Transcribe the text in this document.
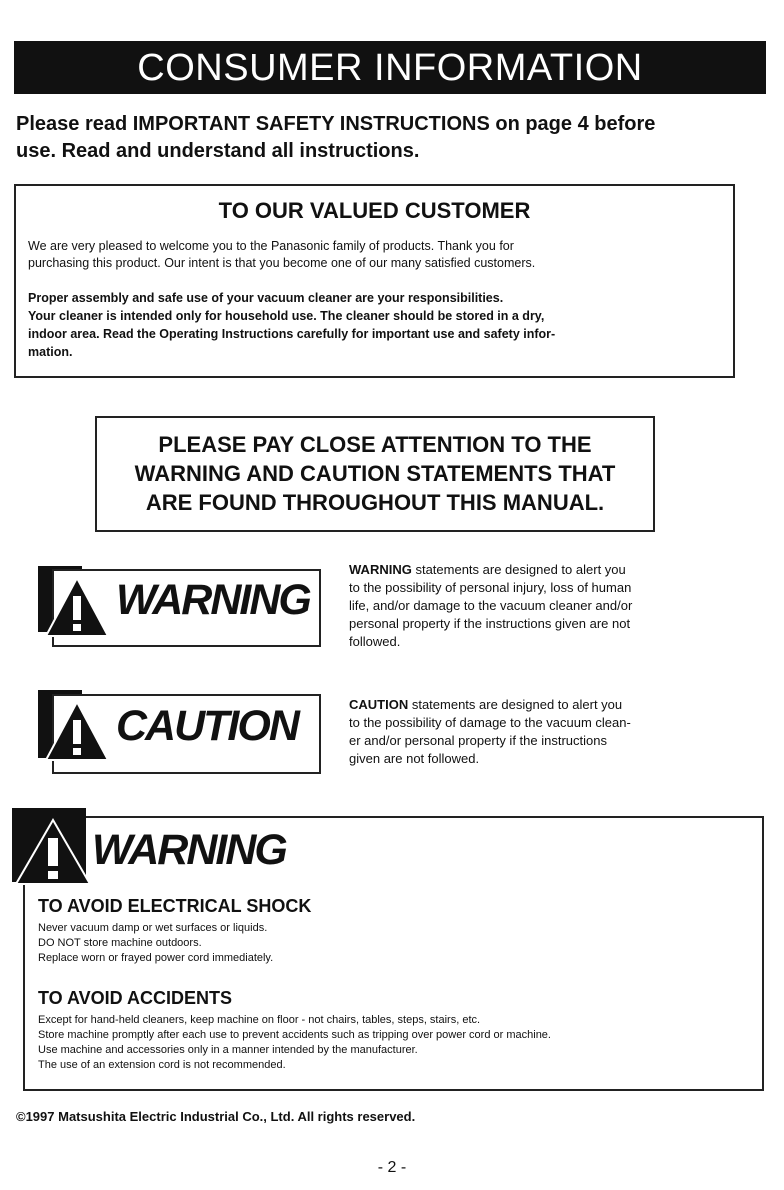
CONSUMER INFORMATION
Please read IMPORTANT SAFETY INSTRUCTIONS on page 4 before
use. Read and understand all instructions.
TO OUR VALUED CUSTOMER
We are very pleased to welcome you to the Panasonic family of products. Thank you for
purchasing this product. Our intent is that you become one of our many satisfied customers.
Proper assembly and safe use of your vacuum cleaner are your responsibilities.
Your cleaner is intended only for household use. The cleaner should be stored in a dry,
indoor area. Read the Operating Instructions carefully for important use and safety infor-
mation.
PLEASE PAY CLOSE ATTENTION TO THE
WARNING AND CAUTION STATEMENTS THAT
ARE FOUND THROUGHOUT THIS MANUAL.
WARNING
WARNING statements are designed to alert you
to the possibility of personal injury, loss of human
life, and/or damage to the vacuum cleaner and/or
personal property if the instructions given are not
followed.
CAUTION	CAUTION statements are designed to alert you
to the possibility of damage to the vacuum clean-
er and/or personal property if the instructions
given are not followed.
WARNING
TO AVOID ELECTRICAL SHOCK
Never vacuum damp or wet surfaces or liquids.
DO NOT store machine outdoors.
Replace worn or frayed power cord immediately.
TO AVOID ACCIDENTS
Except for hand-held cleaners, keep machine on floor - not chairs, tables, steps, stairs, etc.
Store machine promptly after each use to prevent accidents such as tripping over power cord or machine.
Use machine and accessories only in a manner intended by the manufacturer.
The use of an extension cord is not recommended.
©1997 Matsushita Electric Industrial Co., Ltd. All rights reserved.
- 2 -
